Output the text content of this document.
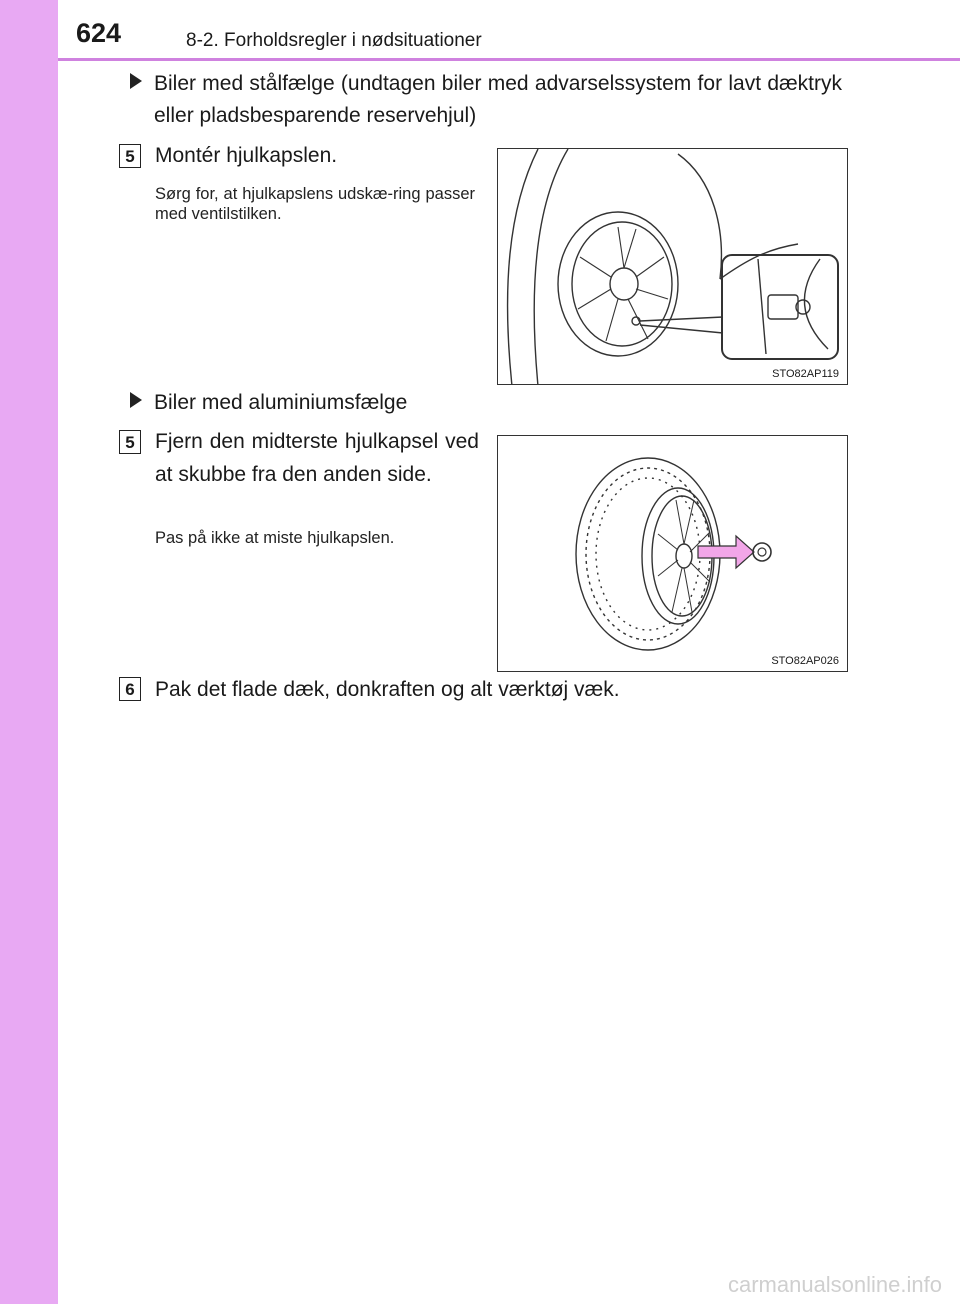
624	8-2. Forholdsregler i nødsituationer
Biler med stålfælge (undtagen biler med advarselssystem for lavt dæktryk eller pladsbesparende reservehjul)
5 Montér hjulkapslen.
Sørg for, at hjulkapslens udskæ-ring passer med ventilstilken.
STO82AP119
Biler med aluminiumsfælge
5 Fjern den midterste hjulkapsel ved at skubbe fra den anden side.
Pas på ikke at miste hjulkapslen.
STO82AP026
6 Pak det flade dæk, donkraften og alt værktøj væk.
carmanualsonline.info
